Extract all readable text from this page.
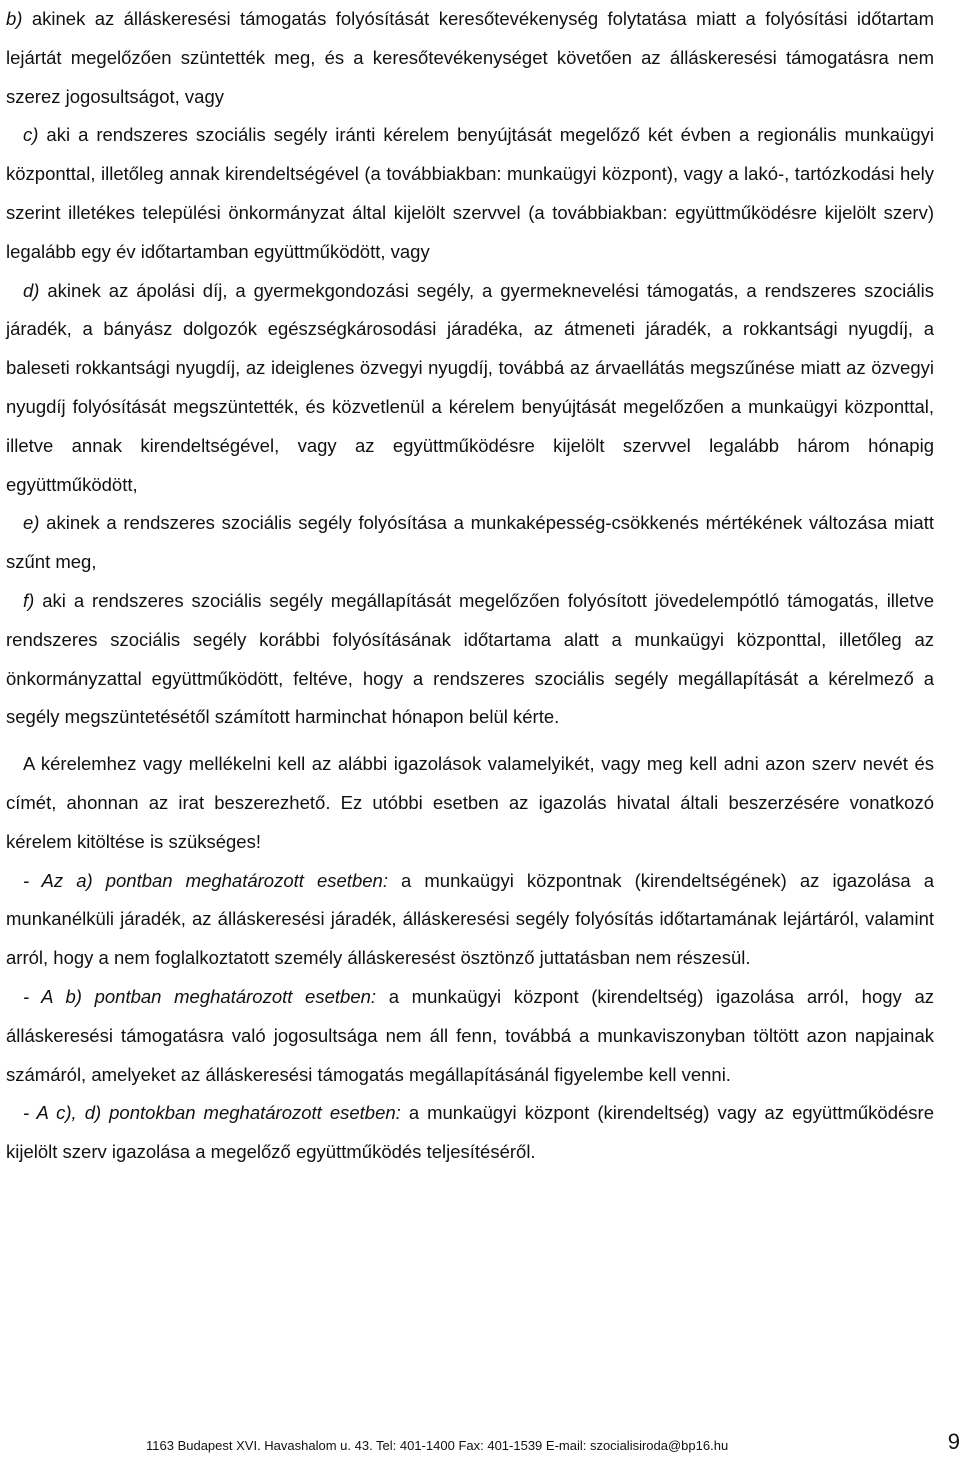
b) akinek az álláskeresési támogatás folyósítását keresőtevékenység folytatása miatt a folyósítási időtartam lejártát megelőzően szüntették meg, és a keresőtevékenységet követően az álláskeresési támogatásra nem szerez jogosultságot, vagy

c) aki a rendszeres szociális segély iránti kérelem benyújtását megelőző két évben a regionális munkaügyi központtal, illetőleg annak kirendeltségével (a továbbiakban: munkaügyi központ), vagy a lakó-, tartózkodási hely szerint illetékes települési önkormányzat által kijelölt szervvel (a továbbiakban: együttműködésre kijelölt szerv) legalább egy év időtartamban együttműködött, vagy

d) akinek az ápolási díj, a gyermekgondozási segély, a gyermeknevelési támogatás, a rendszeres szociális járadék, a bányász dolgozók egészségkárosodási járadéka, az átmeneti járadék, a rokkantsági nyugdíj, a baleseti rokkantsági nyugdíj, az ideiglenes özvegyi nyugdíj, továbbá az árvaellátás megszűnése miatt az özvegyi nyugdíj folyósítását megszüntették, és közvetlenül a kérelem benyújtását megelőzően a munkaügyi központtal, illetve annak kirendeltségével, vagy az együttműködésre kijelölt szervvel legalább három hónapig együttműködött,

e) akinek a rendszeres szociális segély folyósítása a munkaképesség-csökkenés mértékének változása miatt szűnt meg,

f) aki a rendszeres szociális segély megállapítását megelőzően folyósított jövedelempótló támogatás, illetve rendszeres szociális segély korábbi folyósításának időtartama alatt a munkaügyi központtal, illetőleg az önkormányzattal együttműködött, feltéve, hogy a rendszeres szociális segély megállapítását a kérelmező a segély megszüntetésétől számított harminchat hónapon belül kérte.

A kérelemhez vagy mellékelni kell az alábbi igazolások valamelyikét, vagy meg kell adni azon szerv nevét és címét, ahonnan az irat beszerezhető. Ez utóbbi esetben az igazolás hivatal általi beszerzésére vonatkozó kérelem kitöltése is szükséges!

- Az a) pontban meghatározott esetben: a munkaügyi központnak (kirendeltségének) az igazolása a munkanélküli járadék, az álláskeresési járadék, álláskeresési segély folyósítás időtartamának lejártáról, valamint arról, hogy a nem foglalkoztatott személy álláskeresést ösztönző juttatásban nem részesül.

- A b) pontban meghatározott esetben: a munkaügyi központ (kirendeltség) igazolása arról, hogy az álláskeresési támogatásra való jogosultsága nem áll fenn, továbbá a munkaviszonyban töltött azon napjainak számáról, amelyeket az álláskeresési támogatás megállapításánál figyelembe kell venni.

- A c), d) pontokban meghatározott esetben: a munkaügyi központ (kirendeltség) vagy az együttműködésre kijelölt szerv igazolása a megelőző együttműködés teljesítéséről.

1163 Budapest XVI. Havashalom u. 43. Tel: 401-1400 Fax: 401-1539 E-mail: szocialisiroda@bp16.hu	9
